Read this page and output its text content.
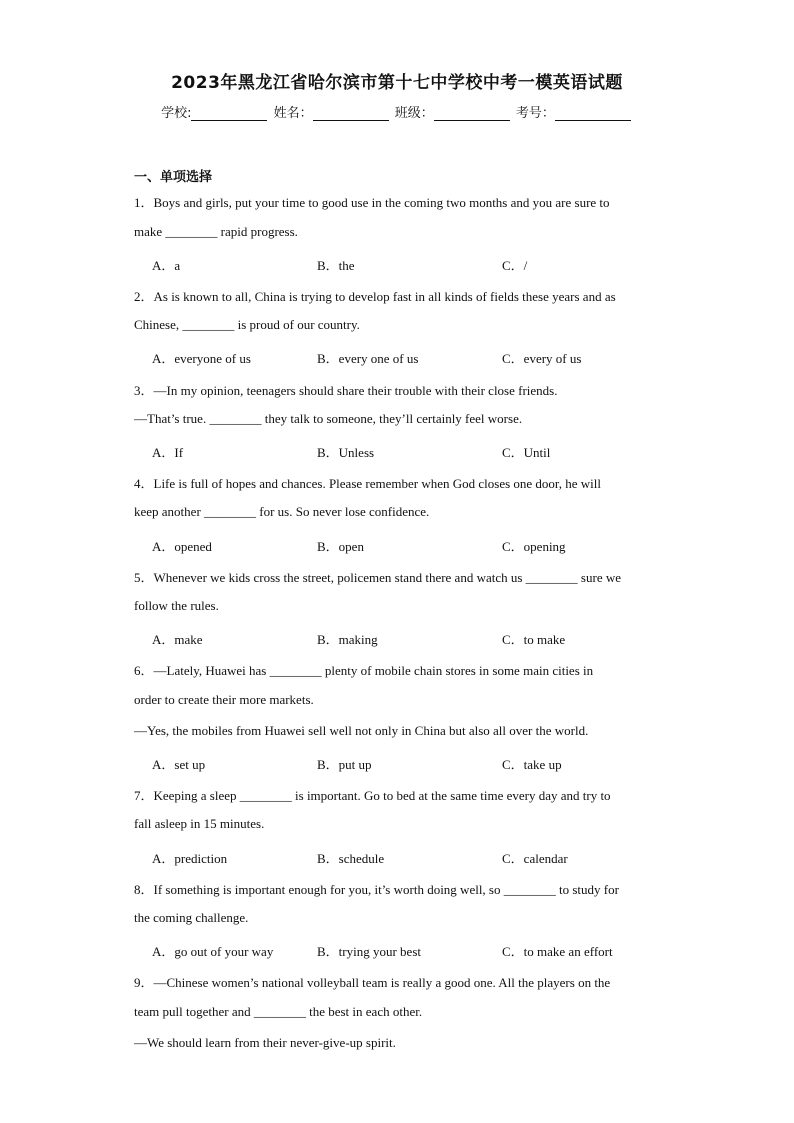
2023年黑龙江省哈尔滨市第十七中学校中考一模英语试题
学校:	姓名：	班级：	考号：
一、单项选择
1．Boys and girls, put your time to good use in the coming two months and you are sure to
make ________ rapid progress.
A．a	B．the	C．/
2．As is known to all, China is trying to develop fast in all kinds of fields these years and as
Chinese, ________ is proud of our country.
A．everyone of us	B．every one of us	C．every of us
3．—In my opinion, teenagers should share their trouble with their close friends.
—That’s true. ________ they talk to someone, they’ll certainly feel worse.
A．If	B．Unless	C．Until
4．Life is full of hopes and chances. Please remember when God closes one door, he will
keep another ________ for us. So never lose confidence.
A．opened	B．open	C．opening
5．Whenever we kids cross the street, policemen stand there and watch us ________ sure we
follow the rules.
A．make	B．making	C．to make
6．—Lately, Huawei has ________ plenty of mobile chain stores in some main cities in
order to create their more markets.
—Yes, the mobiles from Huawei sell well not only in China but also all over the world.
A．set up	B．put up	C．take up
7．Keeping a sleep ________ is important. Go to bed at the same time every day and try to
fall asleep in 15 minutes.
A．prediction	B．schedule	C．calendar
8．If something is important enough for you, it’s worth doing well, so ________ to study for
the coming challenge.
A．go out of your way	B．trying your best	C．to make an effort
9．—Chinese women’s national volleyball team is really a good one. All the players on the
team pull together and ________ the best in each other.
—We should learn from their never-give-up spirit.
